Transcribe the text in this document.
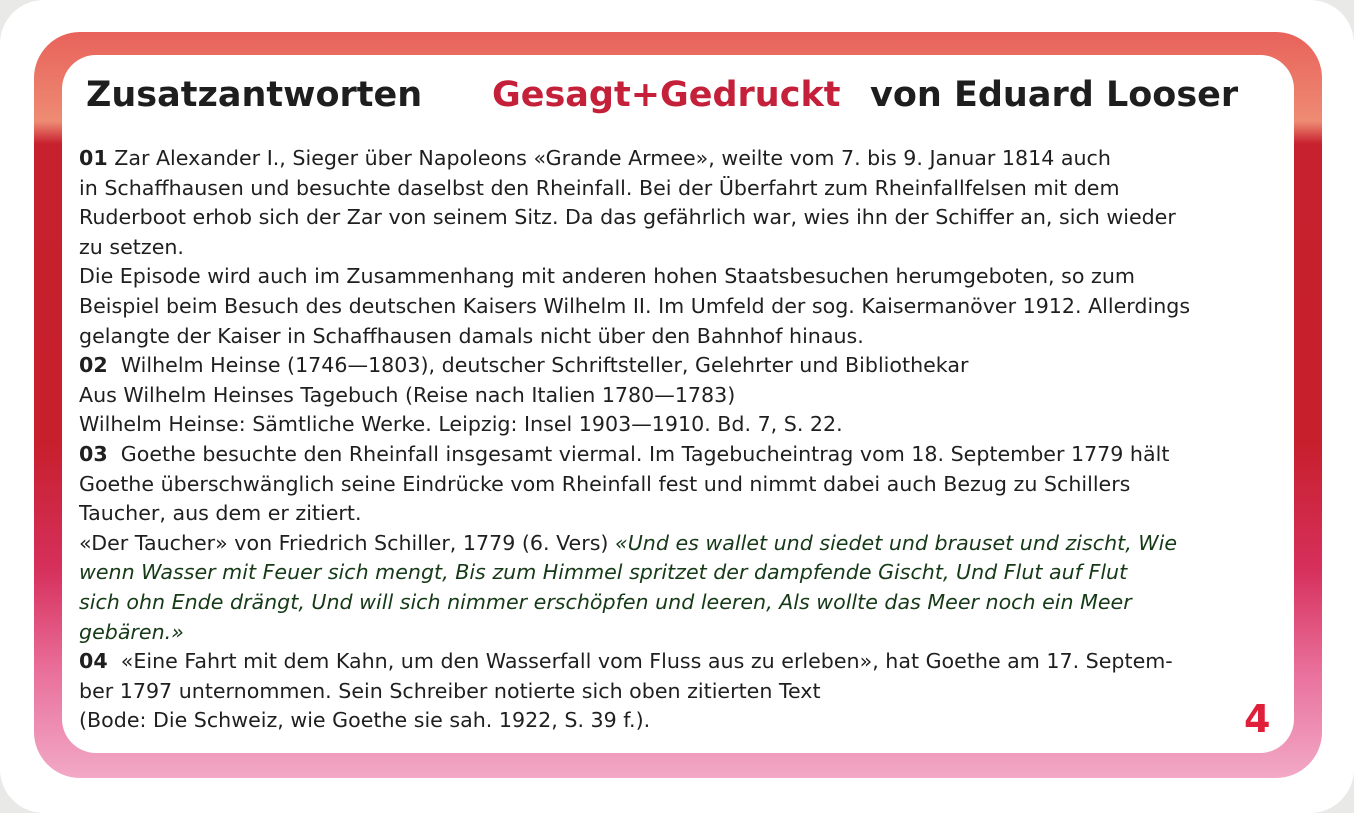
Zusatzantworten Gesagt+Gedruckt von Eduard Looser
01 Zar Alexander I., Sieger über Napoleons «Grande Armee», weilte vom 7. bis 9. Januar 1814 auch
in Schaffhausen und besuchte daselbst den Rheinfall. Bei der Überfahrt zum Rheinfallfelsen mit dem
Ruderboot erhob sich der Zar von seinem Sitz. Da das gefährlich war, wies ihn der Schiffer an, sich wieder
zu setzen.
Die Episode wird auch im Zusammenhang mit anderen hohen Staatsbesuchen herumgeboten, so zum
Beispiel beim Besuch des deutschen Kaisers Wilhelm II. Im Umfeld der sog. Kaisermanöver 1912. Allerdings
gelangte der Kaiser in Schaffhausen damals nicht über den Bahnhof hinaus.
02  Wilhelm Heinse (1746—1803), deutscher Schriftsteller, Gelehrter und Bibliothekar
Aus Wilhelm Heinses Tagebuch (Reise nach Italien 1780—1783)
Wilhelm Heinse: Sämtliche Werke. Leipzig: Insel 1903—1910. Bd. 7, S. 22.
03  Goethe besuchte den Rheinfall insgesamt viermal. Im Tagebucheintrag vom 18. September 1779 hält
Goethe überschwänglich seine Eindrücke vom Rheinfall fest und nimmt dabei auch Bezug zu Schillers
Taucher, aus dem er zitiert.
«Der Taucher» von Friedrich Schiller, 1779 (6. Vers) «Und es wallet und siedet und brauset und zischt, Wie
wenn Wasser mit Feuer sich mengt, Bis zum Himmel spritzet der dampfende Gischt, Und Flut auf Flut
sich ohn Ende drängt, Und will sich nimmer erschöpfen und leeren, Als wollte das Meer noch ein Meer
gebären.»
04  «Eine Fahrt mit dem Kahn, um den Wasserfall vom Fluss aus zu erleben», hat Goethe am 17. Septem-
ber 1797 unternommen. Sein Schreiber notierte sich oben zitierten Text
(Bode: Die Schweiz, wie Goethe sie sah. 1922, S. 39 f.).	4
